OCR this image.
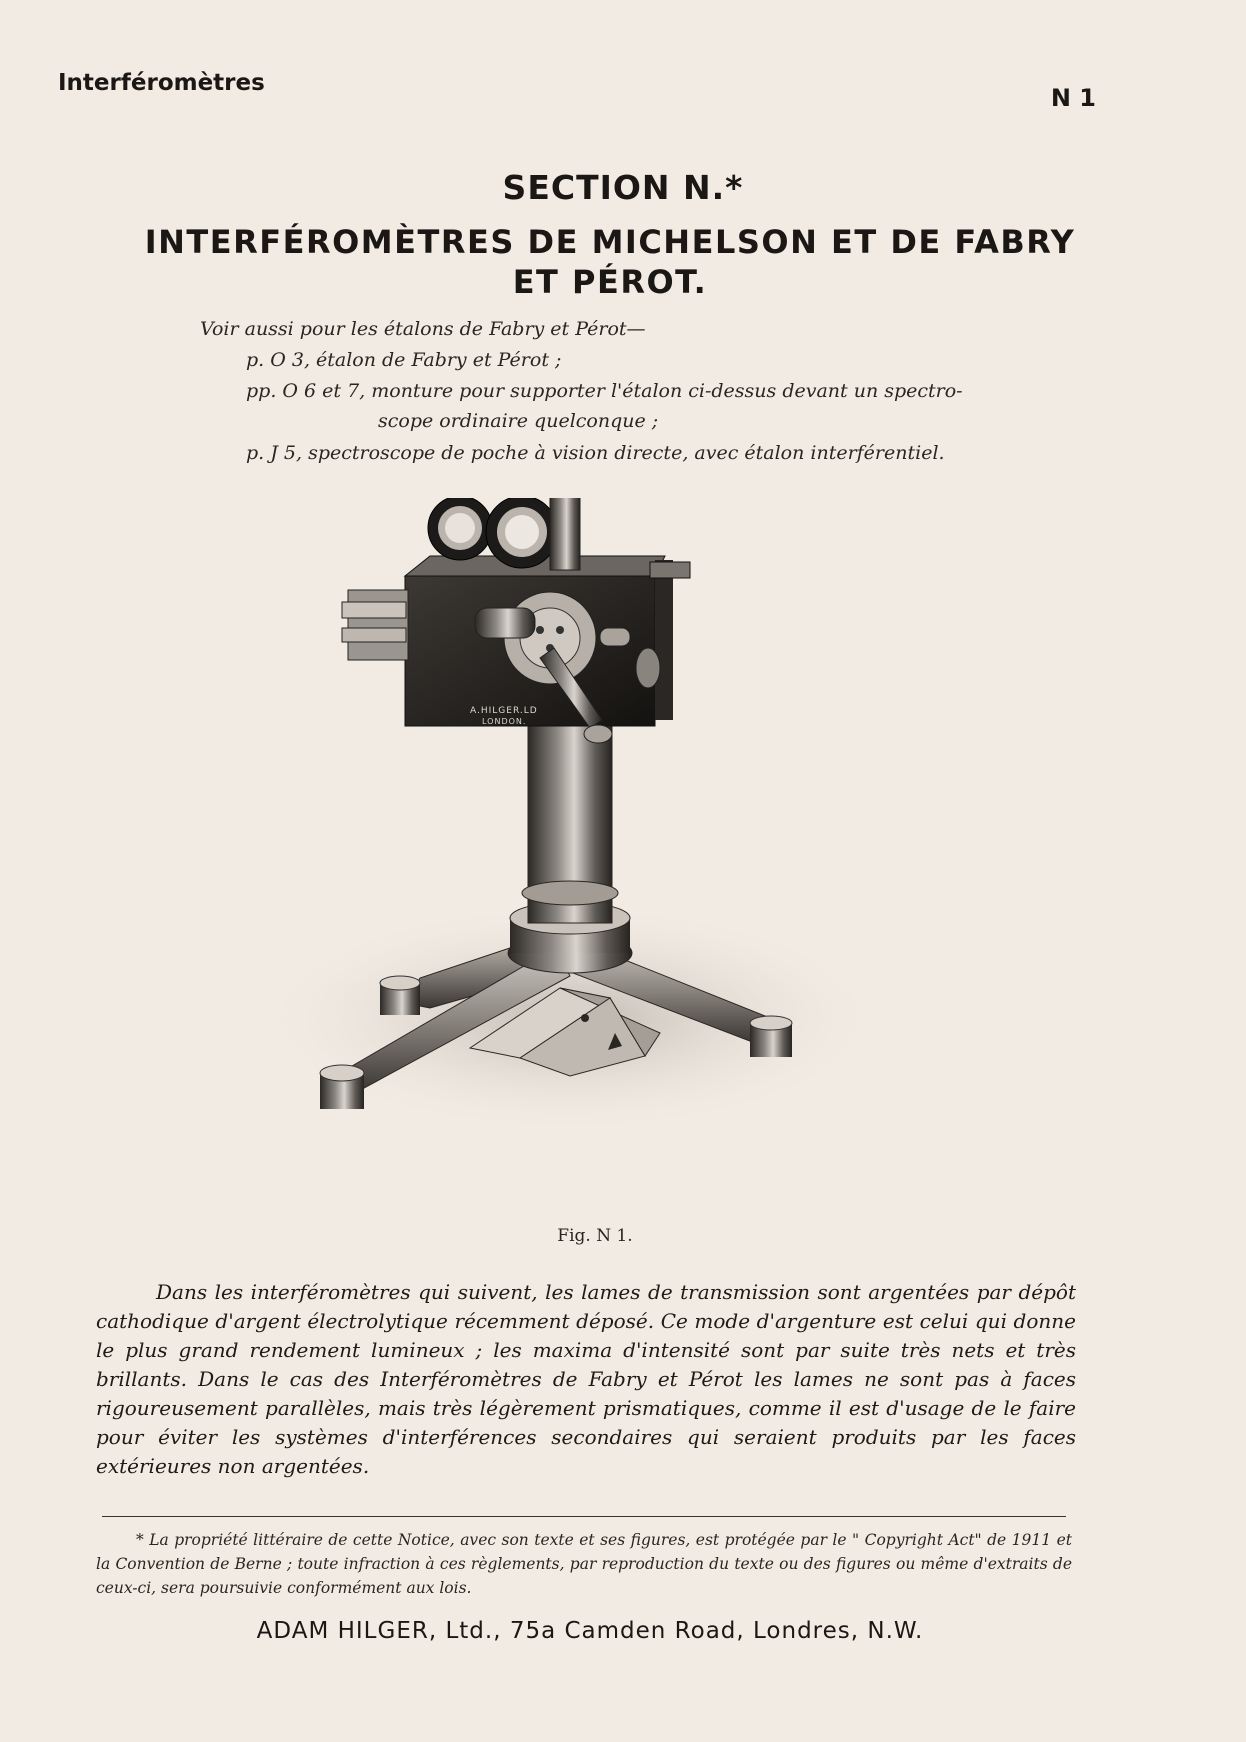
Interféromètres
N 1
SECTION N.*
INTERFÉROMÈTRES DE MICHELSON ET DE FABRY ET PÉROT.
Voir aussi pour les étalons de Fabry et Pérot—
p. O 3, étalon de Fabry et Pérot ;
pp. O 6 et 7, monture pour supporter l'étalon ci-dessus devant un spectro-
scope ordinaire quelconque ;
p. J 5, spectroscope de poche à vision directe, avec étalon interférentiel.
A.HILGER.LD
LONDON.
Fig. N 1.
Dans les interféromètres qui suivent, les lames de transmission sont argentées par dépôt cathodique d'argent électrolytique récemment déposé. Ce mode d'argenture est celui qui donne le plus grand rendement lumineux ; les maxima d'intensité sont par suite très nets et très brillants. Dans le cas des Interféromètres de Fabry et Pérot les lames ne sont pas à faces rigoureusement parallèles, mais très légèrement prismatiques, comme il est d'usage de le faire pour éviter les systèmes d'interférences secondaires qui seraient produits par les faces extérieures non argentées.
* La propriété littéraire de cette Notice, avec son texte et ses figures, est protégée par le " Copyright Act" de 1911 et la Convention de Berne ; toute infraction à ces règlements, par reproduction du texte ou des figures ou même d'extraits de ceux-ci, sera poursuivie conformément aux lois.
ADAM HILGER, Ltd., 75a Camden Road, Londres, N.W.
